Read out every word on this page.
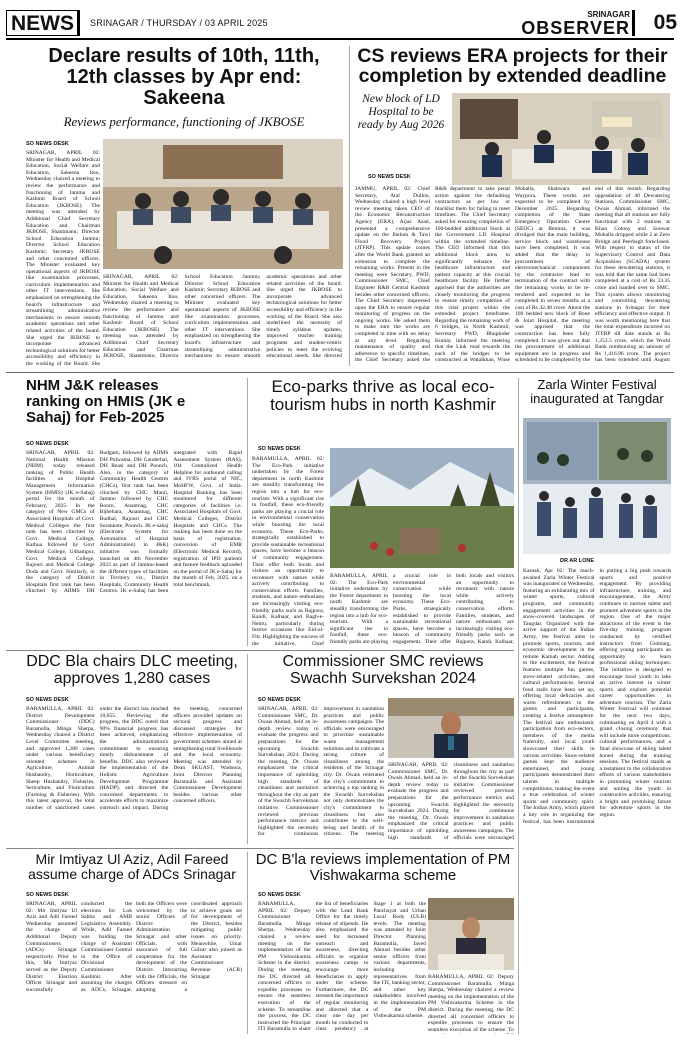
NEWS	SRINAGAR / THURSDAY / 03 APRIL 2025
SRINAGAR
OBSERVER	05
Declare results of 10th, 11th, 12th classes by Apr end: Sakeena
Reviews performance, functioning of JKBOSE
SO NEWS DESK
SRINAGAR, APRIL 02: Minister for Health and Medical Education, Social Welfare and Education, Sakeena Itoo, Wednesday chaired a meeting to review the performance and functioning of Jammu and Kashmir Board of School Education (JKBOSE). The meeting was attended by Additional Chief Secretary Education and Chairman JKBOSE, Shantmanu; Director School Education Jammu; Director School Education Kashmir; Secretary JKBOSE and other concerned officers. The Minister evaluated key operational aspects of JKBOSE like examination processes, curriculum implementation and other IT interventions. She emphasized on strengthening the board's infrastructure and streamlining administrative mechanisms to ensure smooth academic operations and other related activities of the board. She urged the JKBOSE to incorporate advanced technological solutions for better accessibility and efficiency in the working of the Board. She
SRINAGAR, APRIL 02: Minister for Health and Medical Education, Social Welfare and Education, Sakeena Itoo, Wednesday chaired a meeting to review the performance and functioning of Jammu and Kashmir Board of School Education (JKBOSE). The meeting was attended by Additional Chief Secretary Education and Chairman JKBOSE, Shantmanu; Director School Education Jammu; Director School Education Kashmir; Secretary JKBOSE and other concerned officers. The Minister evaluated key operational aspects of JKBOSE like examination processes, curriculum implementation and other IT interventions. She emphasized on strengthening the board's infrastructure and streamlining administrative mechanisms to ensure smooth academic operations and other related activities of the board. She urged the JKBOSE to incorporate advanced technological solutions for better accessibility and efficiency in the working of the Board. She also underlined the necessity of timely syllabus updates, improved teacher training programs and student-centric policies to meet the evolving educational needs. She directed
CS reviews ERA projects for their completion by extended deadline
New block of LD Hospital to be ready by Aug 2026
SO NEWS DESK
JAMMU, APRIL 02: Chief Secretary, Atal Dulloo, Wednesday chaired a high level review meeting taken CEO of the Economic Reconstruction Agency (ERA), Aijaz Asad, presented a comprehensive update on the Jhelum & Tawi Flood Recovery Project (JTFRP). This update comes after the World Bank granted an extension to complete the remaining works. Present in the meeting were Secretary, PWD, Commissioner SMC, Chief Engineer R&B Central Kashmir besides other concerned officers. The Chief Secretary impressed upon the ERA to ensure regular monitoring of progress on the ongoing works. He asked them to make sure the works are completed in time with no delay at any level. Regarding maintenance of quality and adherence to specific timelines, the Chief Secretary asked the R&B department to take penal action against the defaulting contractors as per law or blacklist them for failing to meet timelines. The Chief Secretary asked for ensuring completion of 100-bedded additional block at the Government LD Hospital within the extended timeline. The CEO informed that this additional block aims to significantly enhance the healthcare infrastructure and patient capacity at this crucial healthcare facility. He further apprised that the authorities are closely monitoring the progress to ensure timely completion of this vital project within the extended project timeframe. Regarding the remaining work of 6 bridges, in North Kashmir, Secretary PWD, Bhupinder Kumar, informed the meeting that the Link road towards the each of the bridges to be constructed at Watalkhan, Wuse Mohalla, Shahwara and Waypora. These works are expected to be completed by December 2025. Regarding completion of the State Emergency Operation Centre (SEOC) at Bemina, it was divulged that the main building, service block and warehouse have been completed. It was added that the delay in procurement of electromechanical components by the contractor lead to termination of the contract with the remaining works to be re-tendered and expected to be completed in seven months at a cost of Rs 42.48 crore. About the 100 bedded new block of Bone & Joint Hospital, the meeting was apprised that the construction has been fully completed. It was given out that the procurement of additional equipment are in progress and scheduled to be completed by the end of this month. Regarding upgradation of 40 Dewatering Stations, Commissioner SMC, Owais Ahmad, informed the meeting that all stations are fully functional with 2 stations at Khan Colony and Sonwar Mohalla dropped while 2 at Zero Bridge and Peerbagh foreclosed. With respect to status of the Supervisory Control and Data Acquisition (SCADA) system for these dewatering stations, it was told that the same had been completed at a cost of Rs 33.35 crore and handed over to SMC. This system allows monitoring and controlling dewatering stations in Srinagar for their efficiency and effective output. It was worth mentioning here that the total expenditure incurred on JTFRP till date stands at Rs 1,253.5 crore, which the World Bank reimbursing an amount of Rs 1,416.96 crore. The project has been extended until August
NHM J&K releases ranking on HMIS (JK e Sahaj) for Feb-2025
SO NEWS DESK
SRINAGAR, APRIL 02: National Health Mission (NHM) today released ranking of Public Health facilities on Hospital Management Information System (HMIS) (JK e-Sahaj) portal for the month of February, 2025. In the category of New GMCs of Associated Hospitals of Govt. Medical Colleges the first rank has been clinched by Govt. Medical College, Kathua followed by Govt Medical College, Udhampur, Govt. Medical College, Rajouri and Medical College Doda and Govt. Similarly, in the category of District Hospitals first rank has been clinched by AIIMS DH Budgam, followed by AIIMS DH Pulwama, DH Ganderbal, DH Reasi and DH Poonch. Also, in the category of Community Health Centres (CHCs), first rank has been clinched by CHC Manii, Jammu followed by CHC Boorn, Anantnag, CHC Bijbehara, Anantnag, CHC Budhal, Rajouri and CHC Surankote, Poonch. JK e-sahaj (Electronic System for Automation of Hospital Administration) in J&K) initiative was formally launched on 4th November 2023 as part of Jammu-based the different types of facilities in Territory viz., District Hospitals, Community Health Centres. JK e-Sahaj has been integrated with Rapid Assessment System (RAS), 104 Centralized Health Helpline for outbound calling and IVRS portal of NIC, MoHFW, Govt. of India. Hospital Ranking has been monitored for different categories of facilities i.e. Associated Hospitals of Govt. Medical Colleges, District Hospitals and CHCs. The ranking has been done on the basis of registration, conversion of EMR (Electronic Medical Record), registration of IPD patients and feature feedback uploaded on the portal of JK e-Sahaj for the month of Feb, 2025, on a total benchmark.
Eco-parks thrive as local eco-tourism hubs in north Kashmir
SO NEWS DESK
BARAMULLA, APRIL 02: The Eco-Park initiative undertaken by the Forest department in north Kashmir are steadily transforming the region into a hub for eco-tourism. With a significant rise in footfall, these eco-friendly parks are playing a crucial role in environmental conservation while boosting the local economy. These Eco-Parks, strategically established to provide sustainable recreational spaces, have become a beacon of community engagement. Their offer both locals and visitors an opportunity to reconnect with nature while actively contributing to conservation efforts. Families, students, and nature enthusiasts are increasingly visiting eco-friendly parks such as Rajpora, Kandi, Kalhaar, and Bagh-e-Nehru, particularly during festive occasions like Eid-ul-Fitr. Highlighting the success of the initiative, Chief
BARAMULLA, APRIL 02: The Eco-Park initiative undertaken by the Forest department in north Kashmir are steadily transforming the region into a hub for eco-tourism. With a significant rise in footfall, these eco-friendly parks are playing a crucial role in environmental conservation while boosting the local economy. These Eco-Parks, strategically established to provide sustainable recreational spaces, have become a beacon of community engagement. Their offer both locals and visitors an opportunity to reconnect with nature while actively contributing to conservation efforts. Families, students, and nature enthusiasts are increasingly visiting eco-friendly parks such as Rajpora, Kandi, Kalhaar,
Zarla Winter Festival inaugurated at Tangdar
DR AR LONE
Karnah, Apr 02: The much-awaited Zarla Winter Festival was inaugurated on Wednesday, featuring an exhilarating mix of winter sports, cultural programs, and community engagement activities in the snow-covered landscapes of Tangdar. Organized with the active support of the Indian Army, the festival aims to promote sports, tourism, and economic development in the remote Karnah sector. Adding to the excitement, the festival features multiple fun games, snow-related activities, and cultural performances. Several food stalls have been set up, offering local delicacies and warm refreshments to the guests and participants, creating a festive atmosphere. The festival saw enthusiastic participation from eco-sectors, members of the media fraternity, and local youth showcased their skills in various activities. Snow-related games kept the audience entertained, and young participants demonstrated their talents in multiple competitions, making the event a true celebration of winter sports and community spirit. The Indian Army, which played a key role in organizing the festival, has been instrumental in putting a big push towards sports and positive engagement. By providing infrastructure, training, and encouragement, the Army continues to nurture talent and promote adventure sports in the region. One of the major attractions of the event is the five-day training program conducted by certified instructors from Gulmarg, offering young participants an opportunity to learn professional skiing techniques. The initiative is designed to encourage local youth to take an active interest in winter sports and explore potential career opportunities in adventure tourism. The Zarla Winter Festival will continue for the next two days, culminating on April 4 with a grand closing ceremony that will include more competitions, cultural performances, and a final showcase of skiing talent honed during the training sessions. The festival stands as a testament to the collaborative efforts of various stakeholders in promoting winter tourism and uniting the youth in constructive activities, ensuring a bright and promising future for adventure sports in the region.
DDC Bla chairs DLC meeting, approves 1,280 cases
SO NEWS DESK
BARAMULLA, APRIL 02: District Development Commissioner (DDC) Baramulla, Minga Sherpa, Wednesday chaired a District Level Committee meeting, and approved 1,280 cases under various beneficiary oriented schemes in Agriculture, Animal Husbandry, Horticulture, Sheep Husbandry, Fisheries, Sericulture, and Floriculture (Farming & Fisheries). With this latest approval, the total number of sanctioned cases under the district has reached 10,055. Reviewing the progress, the DDC noted that 90% financial progress has been achieved, emphasizing the administration's commitment to ensuring timely disbursement of benefits. DDC also reviewed the implementation of the Holistic Agriculture Development Programme (HADP), and directed the concerned departments to accelerate efforts to maximize outreach and impact. During the meeting, concerned officers provided updates on sectoral progress and discussed strategies for effective implementation of government schemes aimed at strengthening rural livelihoods and the local economy. Meeting was attended by Dean SKUAST, Wadoora, Joint Director Planning Baramulla and Assistant Commissioner Development besides various other concerned officers.
Commissioner SMC reviews Swachh Survekshan 2024
SO NEWS DESK
SRINAGAR, APRIL 02: Commissioner SMC, Dr. Owais Ahmad, held an in-depth review today to evaluate the progress and preparations for the upcoming Swachh Survekshan 2024. During the meeting, Dr. Owais emphasized the critical importance of upholding high standards of cleanliness and sanitation throughout the city as part of the Swachh Survekshan initiative. Commissioner reviewed previous performance metrics and highlighted the necessity for continuous improvement in sanitation practices and public awareness campaigns. The officials were encouraged to prioritize sustainable waste management solutions and to cultivate a strong culture of cleanliness among the residents of the Srinagar city. Dr. Owais reiterated the city's commitment to achieving a top ranking in the Swachh Survekshan not only demonstrates the city's commitment to cleanliness but also contributes to the well-being and health of its citizens. The meeting
SRINAGAR, APRIL 02: Commissioner SMC, Dr. Owais Ahmad, held an in-depth review today to evaluate the progress and preparations for the upcoming Swachh Survekshan 2024. During the meeting, Dr. Owais emphasized the critical importance of upholding high standards of cleanliness and sanitation throughout the city as part of the Swachh Survekshan initiative. Commissioner reviewed previous performance metrics and highlighted the necessity for continuous improvement in sanitation practices and public awareness campaigns. The officials were encouraged
Mir Imtiyaz Ul Aziz, Adil Fareed assume charge of ADCs Srinagar
SO NEWS DESK
SRINAGAR, APRIL 02: Mir Imtiyaz Ul Aziz and Adil Fareed Wednesday assumed the charge of Additional Deputy Commissioners (ADCs) Srinagar respectively. Prior to this, Mir Imtiyaz served as the Deputy District Election Officer Srinagar and successfully conducted the elections for Lok Sabha and AMB Legislative Assembly. While, Adil Fareed was holding the charge of Assistant Commissioner Central in the Office of Divisional Commissioner Kashmir. After assuming the charges as ADCs, Srinagar, both the Officers were welcomed by the senior Officers of District Administration Srinagar and other Officials, with assurance of full cooperation for the development of the District. Interacting with the Officials, the Officers stressed on adopting a coordinated approach to achieve goals set for development of the District, besides mitigating public issues on priority. Meanwhile, Umar Gulzar also joined as Assistant Commissioner Revenue (ACR) Srinagar.
DC B'la reviews implementation of PM Vishwakarma scheme
SO NEWS DESK
BARAMULLA, APRIL 02: Deputy Commissioner Baramulla, Minga Sherpa, Wednesday chaired a review meeting on the implementation of the PM Vishwakarma Scheme in the district. During the meeting, the DC directed all concerned officers to expedite processes to ensure the seamless execution of the scheme. To streamline the process, the DC instructed the Principal ITI Baramulla to share the list of beneficiaries with the Lead Bank Office for the timely release of stipends. He also emphasized the need for increased outreach and awareness, directing officials to organize awareness camps to encourage more beneficiaries to apply under the scheme. Furthermore, the DC stressed the importance of regular monitoring and directed that a clear one day per month be conducted to clear pendency at Stage 1 at both the Panchayat and Urban Local Body (ULB) levels. The meeting was attended by Joint Director Planning Baramulla, Javed Ahmad besides other senior officers from various departments, including representatives from the ITI, banking sector, and other key stakeholders involved in the implementation of the PM Vishwakarma scheme.
BARAMULLA, APRIL 02: Deputy Commissioner Baramulla, Minga Sherpa, Wednesday chaired a review meeting on the implementation of the PM Vishwakarma Scheme in the district. During the meeting, the DC directed all concerned officers to expedite processes to ensure the seamless execution of the scheme. To
